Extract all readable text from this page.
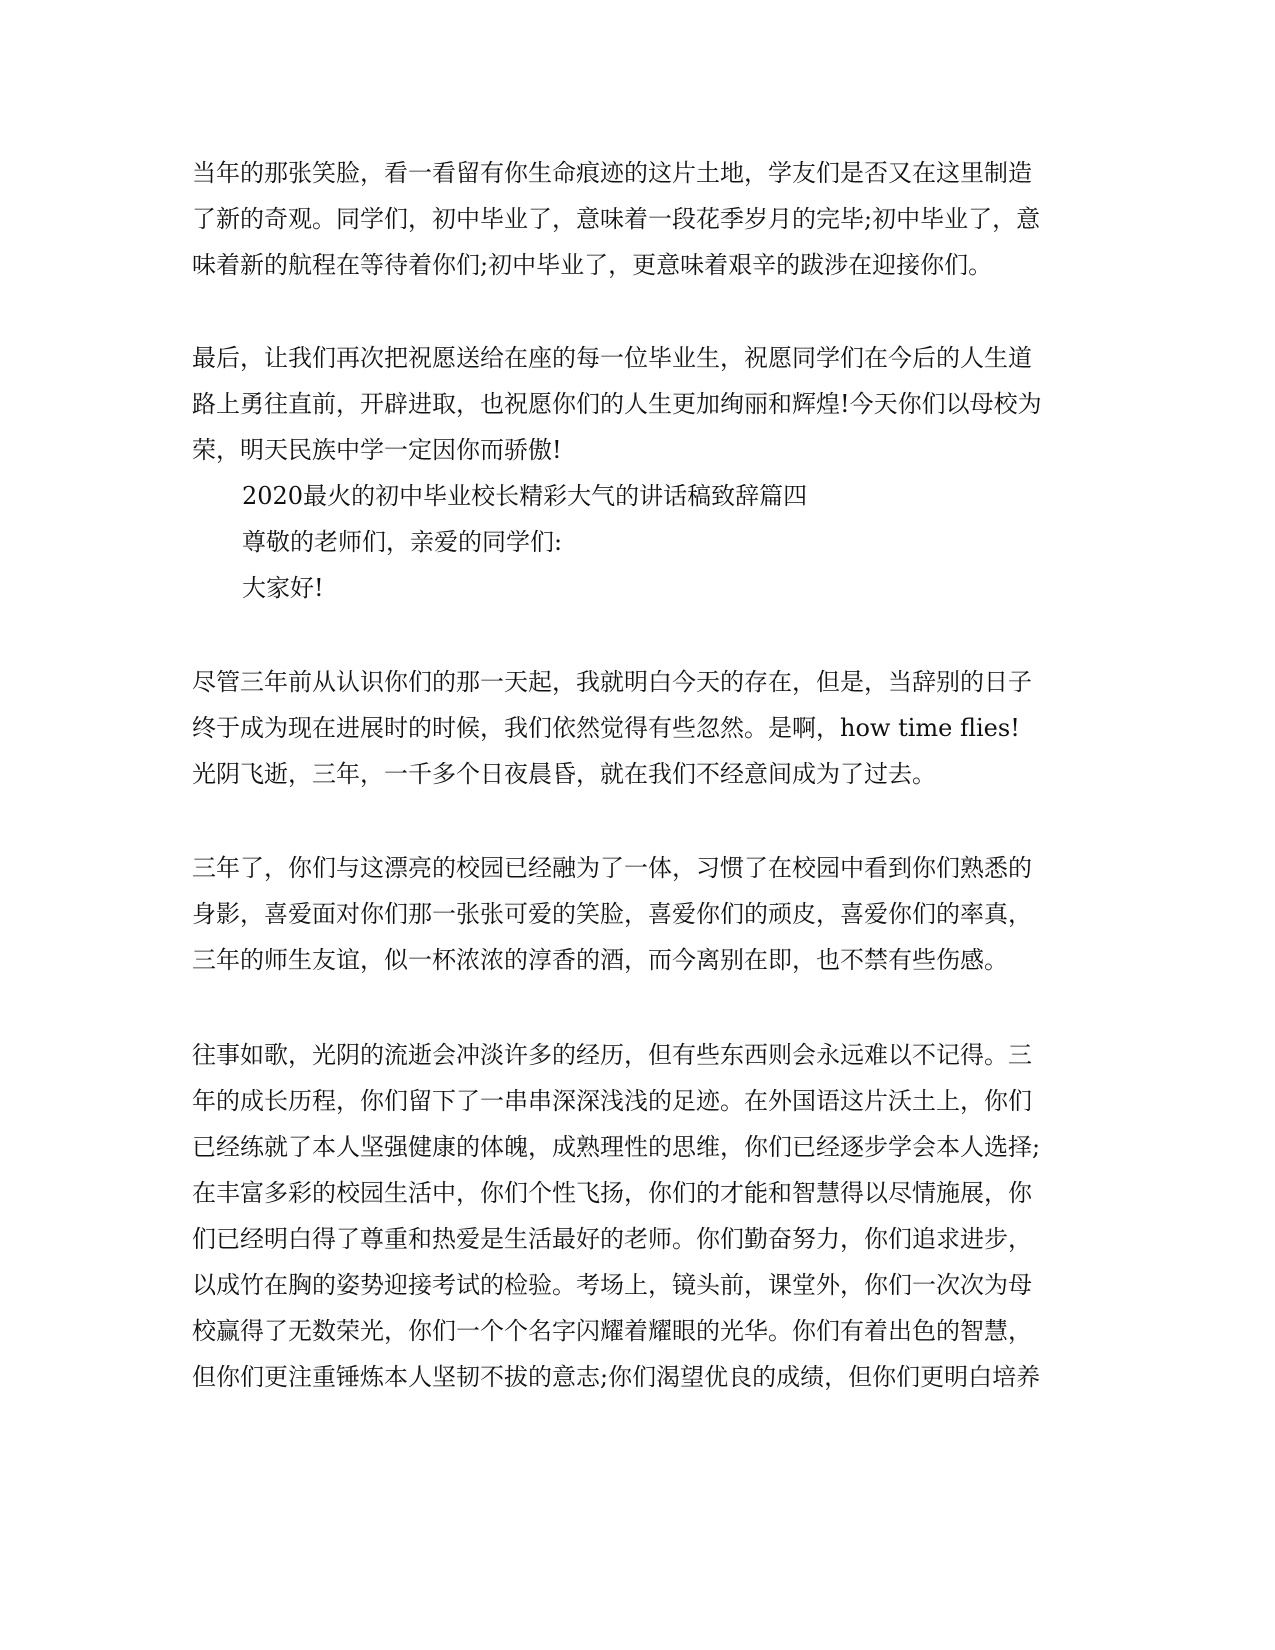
当年的那张笑脸，看一看留有你生命痕迹的这片土地，学友们是否又在这里制造
了新的奇观。同学们，初中毕业了，意味着一段花季岁月的完毕;初中毕业了，意
味着新的航程在等待着你们;初中毕业了，更意味着艰辛的跋涉在迎接你们。
最后，让我们再次把祝愿送给在座的每一位毕业生，祝愿同学们在今后的人生道
路上勇往直前，开辟进取，也祝愿你们的人生更加绚丽和辉煌!今天你们以母校为
荣，明天民族中学一定因你而骄傲!
2020最火的初中毕业校长精彩大气的讲话稿致辞篇四
尊敬的老师们，亲爱的同学们:
大家好!
尽管三年前从认识你们的那一天起，我就明白今天的存在，但是，当辞别的日子
终于成为现在进展时的时候，我们依然觉得有些忽然。是啊，how time flies!
光阴飞逝，三年，一千多个日夜晨昏，就在我们不经意间成为了过去。
三年了，你们与这漂亮的校园已经融为了一体，习惯了在校园中看到你们熟悉的
身影，喜爱面对你们那一张张可爱的笑脸，喜爱你们的顽皮，喜爱你们的率真，
三年的师生友谊，似一杯浓浓的淳香的酒，而今离别在即，也不禁有些伤感。
往事如歌，光阴的流逝会冲淡许多的经历，但有些东西则会永远难以不记得。三
年的成长历程，你们留下了一串串深深浅浅的足迹。在外国语这片沃土上，你们
已经练就了本人坚强健康的体魄，成熟理性的思维，你们已经逐步学会本人选择;
在丰富多彩的校园生活中，你们个性飞扬，你们的才能和智慧得以尽情施展，你
们已经明白得了尊重和热爱是生活最好的老师。你们勤奋努力，你们追求进步，
以成竹在胸的姿势迎接考试的检验。考场上，镜头前，课堂外，你们一次次为母
校赢得了无数荣光，你们一个个名字闪耀着耀眼的光华。你们有着出色的智慧，
但你们更注重锤炼本人坚韧不拔的意志;你们渴望优良的成绩，但你们更明白培养
